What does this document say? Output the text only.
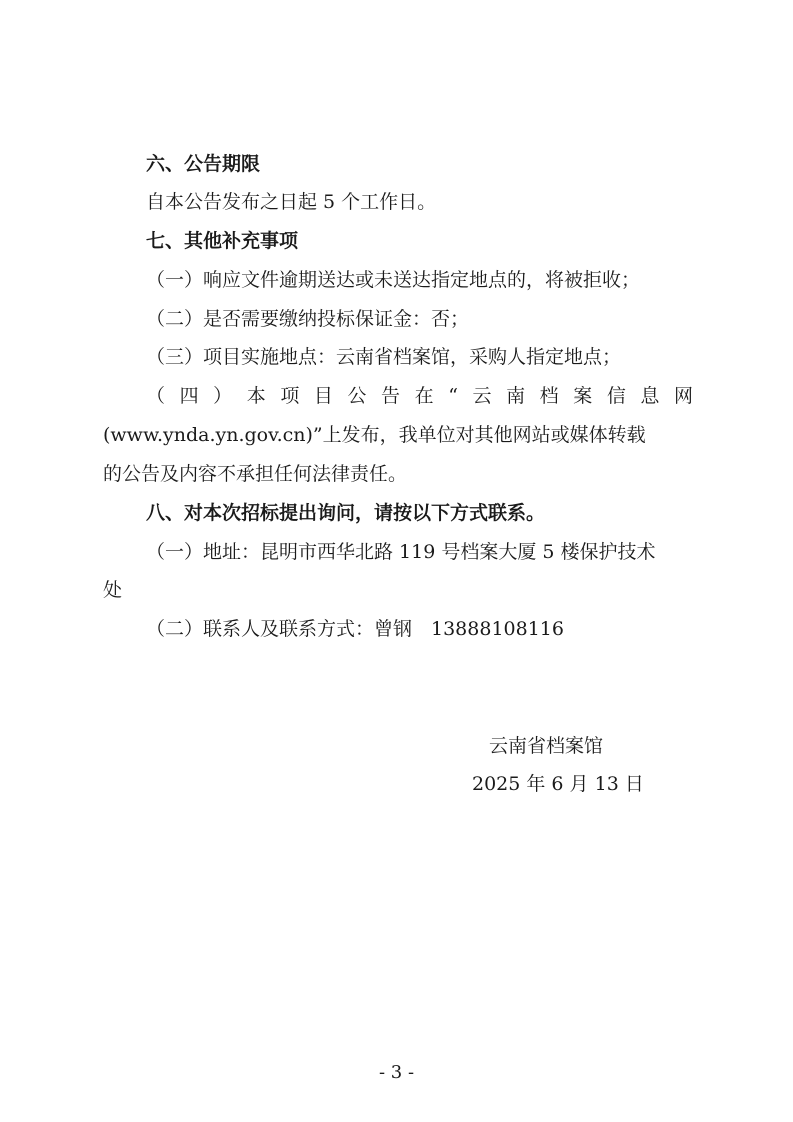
六、公告期限
自本公告发布之日起 5 个工作日。
七、其他补充事项
（一）响应文件逾期送达或未送达指定地点的，将被拒收；
（二）是否需要缴纳投标保证金：否；
（三）项目实施地点：云南省档案馆，采购人指定地点；
（四）本项目公告在“云南档案信息网
(www.ynda.yn.gov.cn)”上发布，我单位对其他网站或媒体转载
的公告及内容不承担任何法律责任。
八、对本次招标提出询问，请按以下方式联系。
（一）地址：昆明市西华北路 119 号档案大厦 5 楼保护技术
处
（二）联系人及联系方式：曾钢　13888108116
云南省档案馆
2025 年 6 月 13 日
- 3 -
